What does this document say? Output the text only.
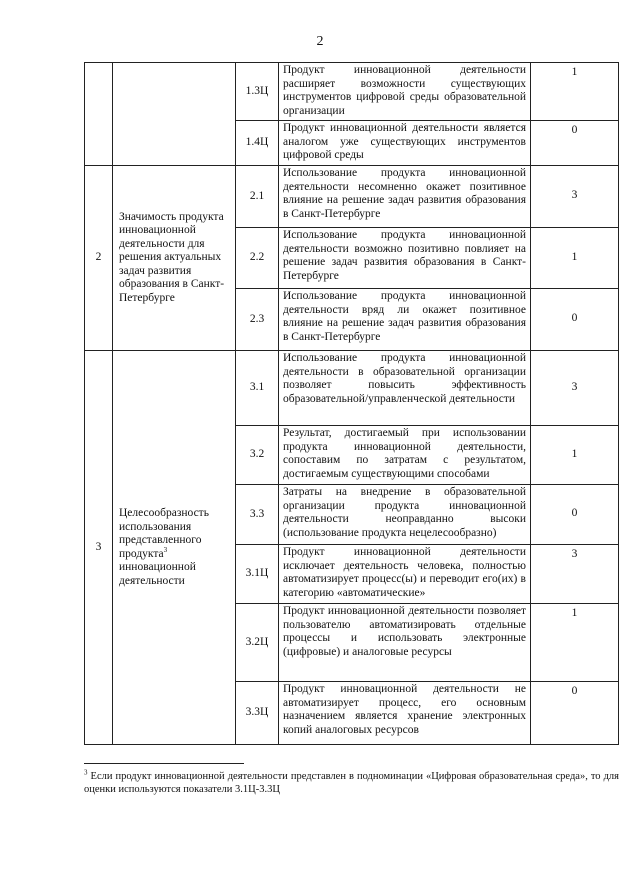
2
		1.3Ц	Продукт инновационной деятельности расширяет возможности существующих инструментов цифровой среды образовательной организации	1
		1.4Ц	Продукт инновационной деятельности является аналогом уже существующих инструментов цифровой среды	0
2	Значимость продукта инновационной деятельности для решения актуальных задач развития образования в Санкт-Петербурге	2.1	Использование продукта инновационной деятельности несомненно окажет позитивное влияние на решение задач развития образования в Санкт-Петербурге	3
		2.2	Использование продукта инновационной деятельности возможно позитивно повлияет на решение задач развития образования в Санкт-Петербурге	1
		2.3	Использование продукта инновационной деятельности вряд ли окажет позитивное влияние на решение задач развития образования в Санкт-Петербурге	0
3	Целесообразность использования представленного продукта$^3$ инновационной деятельности	3.1	Использование продукта инновационной деятельности в образовательной организации позволяет повысить эффективность образовательной/управленческой деятельности	3
		3.2	Результат, достигаемый при использовании продукта инновационной деятельности, сопоставим по затратам с результатом, достигаемым существующими способами	1
		3.3	Затраты на внедрение в образовательной организации продукта инновационной деятельности неоправданно высоки (использование продукта нецелесообразно)	0
		3.1Ц	Продукт инновационной деятельности исключает деятельность человека, полностью автоматизирует процесс(ы) и переводит его(их) в категорию «автоматические»	3
		3.2Ц	Продукт инновационной деятельности позволяет пользователю автоматизировать отдельные процессы и использовать электронные (цифровые) и аналоговые ресурсы	1
		3.3Ц	Продукт инновационной деятельности не автоматизирует процесс, его основным назначением является хранение электронных копий аналоговых ресурсов	0
$^3$ Если продукт инновационной деятельности представлен в подноминации «Цифровая образовательная среда», то для оценки используются показатели 3.1Ц-3.3Ц
